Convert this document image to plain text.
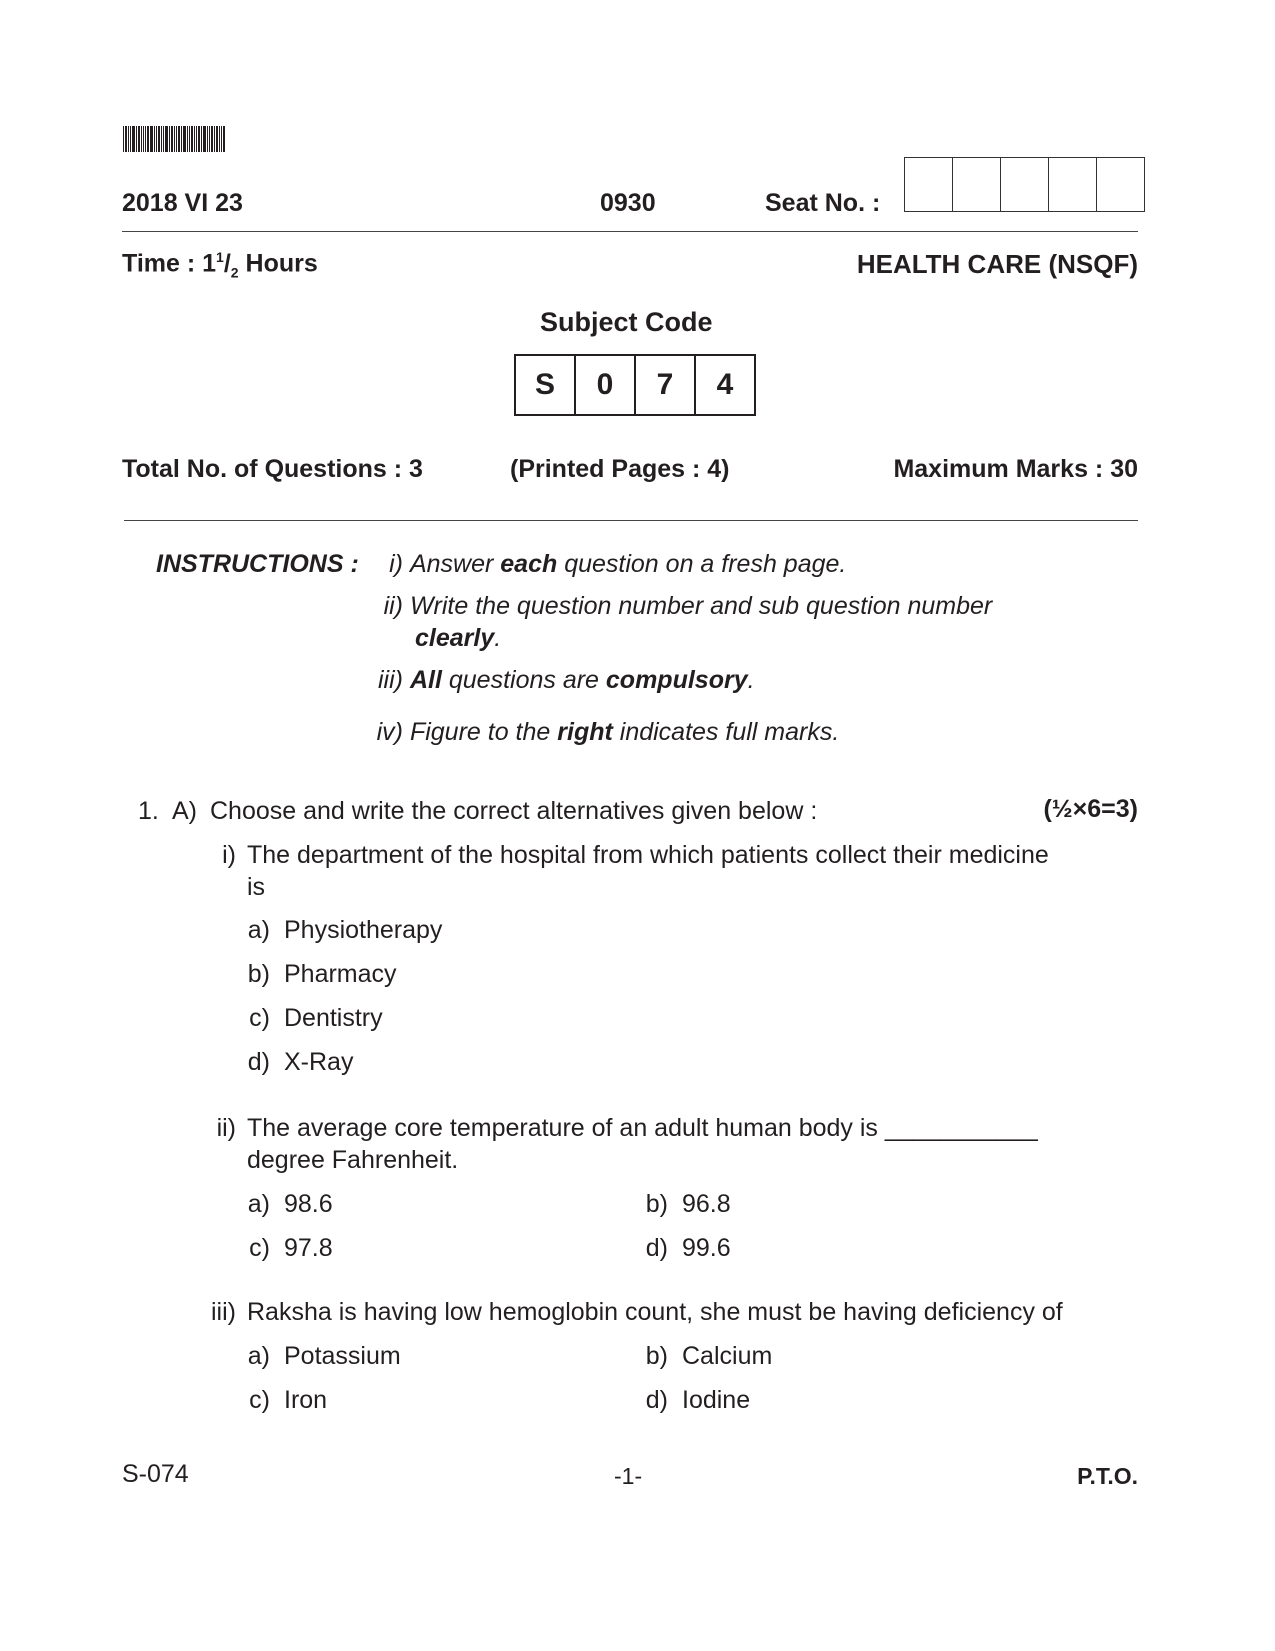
2018 VI 23	0930	Seat No. :
Time : $1^1/_2$ Hours	HEALTH CARE (NSQF)
Subject Code
S	0	7	4
Total No. of Questions : 3	(Printed Pages : 4)	Maximum Marks : 30
INSTRUCTIONS :	i) Answer each question on a fresh page.
ii) Write the question number and sub question number
clearly.
iii) All questions are compulsory.
iv) Figure to the right indicates full marks.
1. A) Choose and write the correct alternatives given below :	(½×6=3)
i) The department of the hospital from which patients collect their medicine
is
a) Physiotherapy
b) Pharmacy
c) Dentistry
d) X-Ray
ii) The average core temperature of an adult human body is ___________
degree Fahrenheit.
a) 98.6	b) 96.8
c) 97.8	d) 99.6
iii) Raksha is having low hemoglobin count, she must be having deficiency of
a) Potassium	b) Calcium
c) Iron	d) Iodine
S-074	-1-	P.T.O.
